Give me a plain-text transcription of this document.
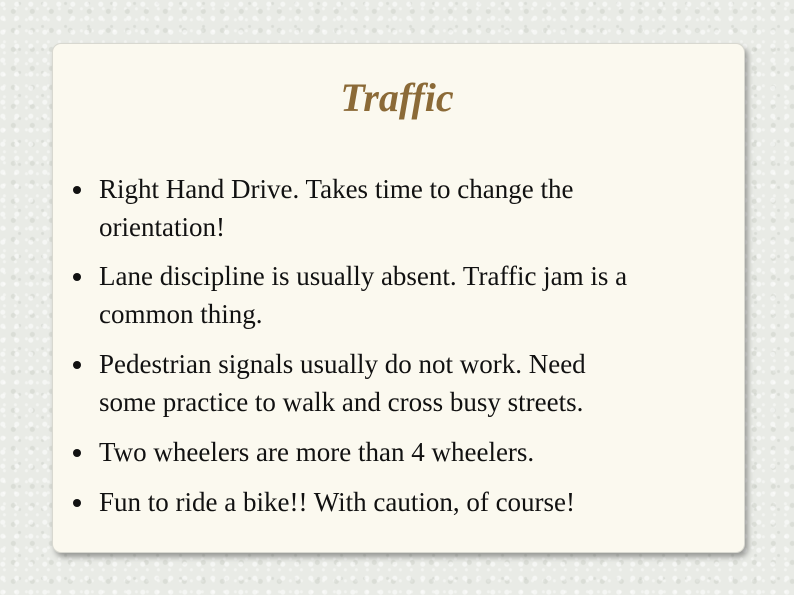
Traffic
Right Hand Drive. Takes time to change the
orientation!
Lane discipline is usually absent. Traffic jam is a
common thing.
Pedestrian signals usually do not work. Need
some practice to walk and cross busy streets.
Two wheelers are more than 4 wheelers.
Fun to ride a bike!! With caution, of course!
